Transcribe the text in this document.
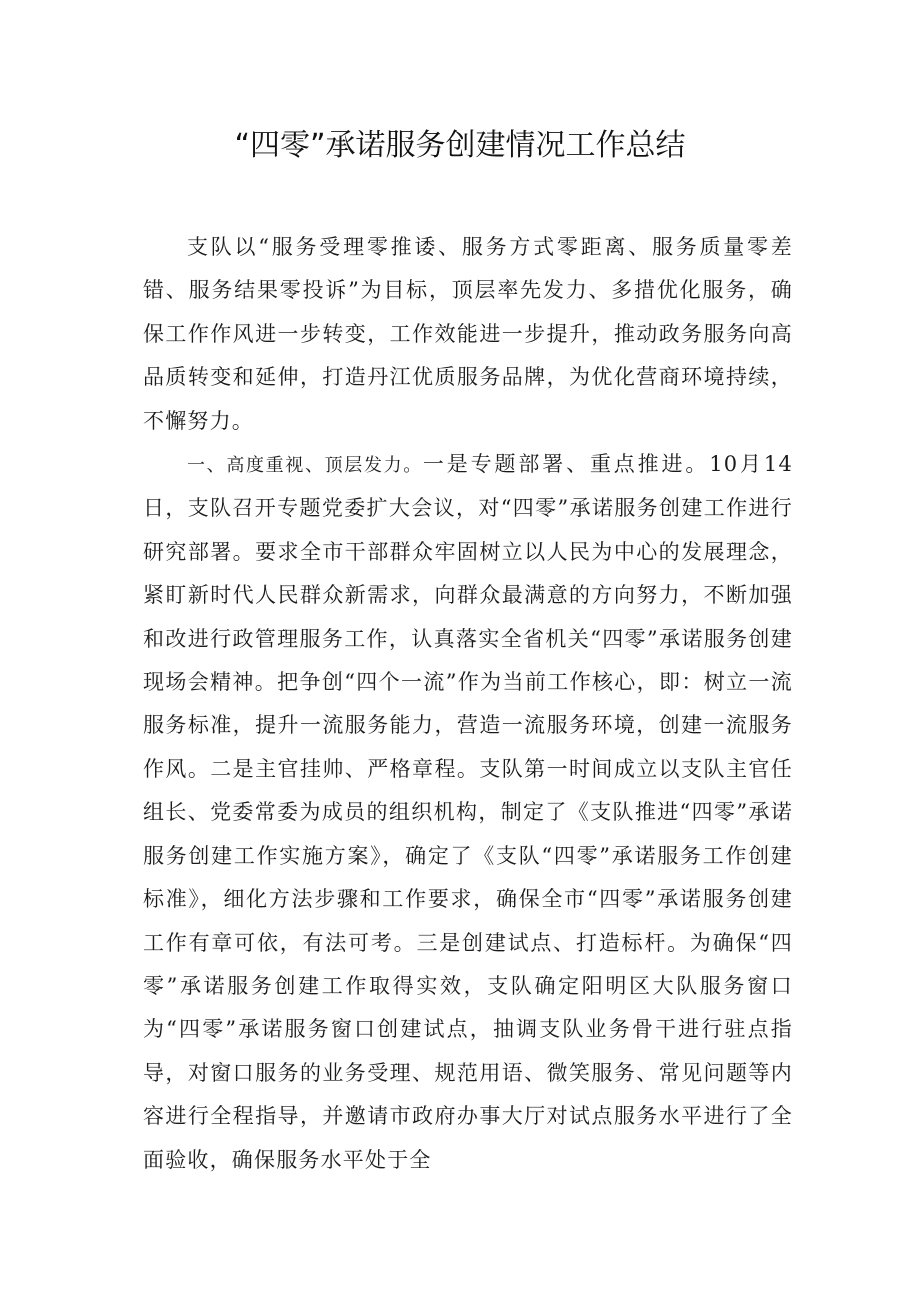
“四零”承诺服务创建情况工作总结

支队以“服务受理零推诿、服务方式零距离、服务质量零差错、服务结果零投诉”为目标，顶层率先发力、多措优化服务，确保工作作风进一步转变，工作效能进一步提升，推动政务服务向高品质转变和延伸，打造丹江优质服务品牌，为优化营商环境持续，不懈努力。

一、高度重视、顶层发力。一是专题部署、重点推进。10月14日，支队召开专题党委扩大会议，对“四零”承诺服务创建工作进行研究部署。要求全市干部群众牢固树立以人民为中心的发展理念，紧盯新时代人民群众新需求，向群众最满意的方向努力，不断加强和改进行政管理服务工作，认真落实全省机关“四零”承诺服务创建现场会精神。把争创“四个一流”作为当前工作核心，即：树立一流服务标准，提升一流服务能力，营造一流服务环境，创建一流服务作风。二是主官挂帅、严格章程。支队第一时间成立以支队主官任组长、党委常委为成员的组织机构，制定了《支队推进“四零”承诺服务创建工作实施方案》，确定了《支队“四零”承诺服务工作创建标准》，细化方法步骤和工作要求，确保全市“四零”承诺服务创建工作有章可依，有法可考。三是创建试点、打造标杆。为确保“四零”承诺服务创建工作取得实效，支队确定阳明区大队服务窗口为“四零”承诺服务窗口创建试点，抽调支队业务骨干进行驻点指导，对窗口服务的业务受理、规范用语、微笑服务、常见问题等内容进行全程指导，并邀请市政府办事大厅对试点服务水平进行了全面验收，确保服务水平处于全
